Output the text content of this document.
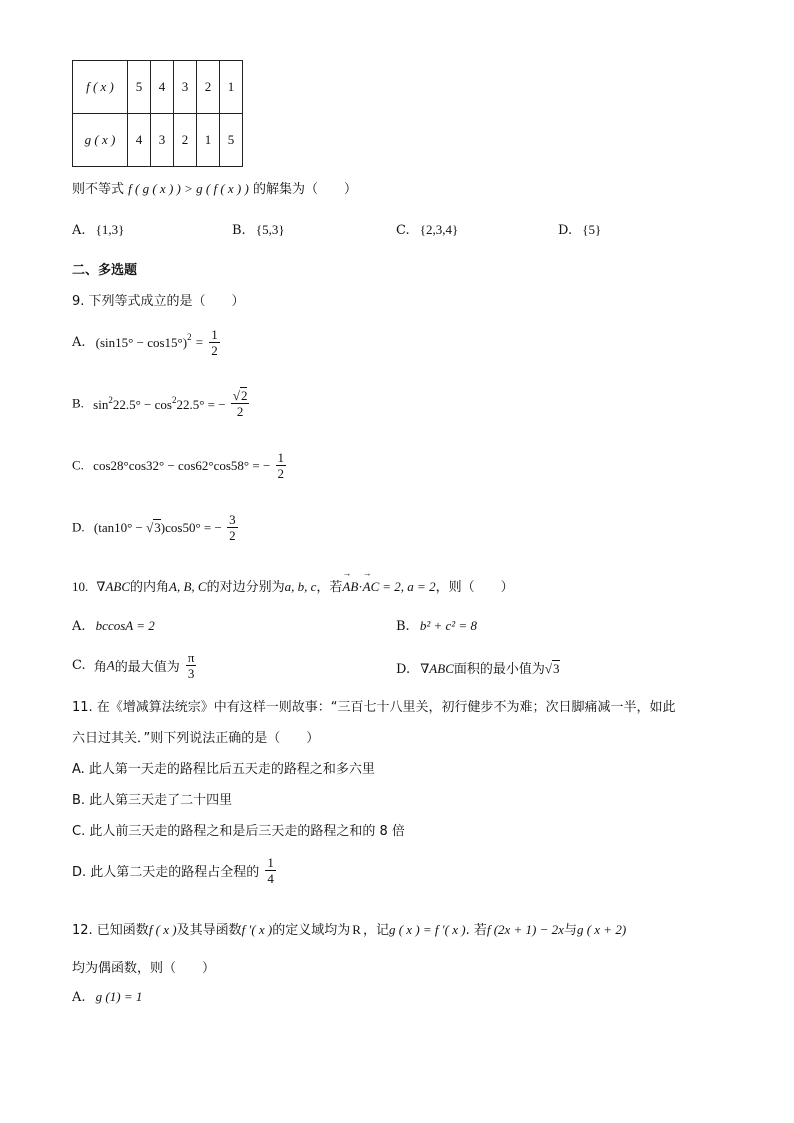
f ( x )	5	4	3	2	1
g ( x )	4	3	2	1	5
则不等式 f ( g ( x ) ) > g ( f ( x ) ) 的解集为（　　）
A. {1,3}	B. {5,3}	C. {2,3,4}	D. {5}
二、多选题
9. 下列等式成立的是（　　）
A. $(\sin 15^\circ - \cos 15^\circ)^2 = \frac{1}{2}$
B. $\sin^222.5^\circ - \cos^222.5^\circ$ = − $\frac{√2}{2}$
C. cos28°cos32° − cos62°cos58° = − $\frac{1}{2}$
D. (tan10° − √3)cos50° = − $\frac{3}{2}$
10. ∇ABC的内角A, B, C的对边分别为a, b, c，若→ AB·→ AC = 2, a = 2，则（　　）
A. bccosA = 2	B. b² + c² = 8
C. 角A的最大值为 $\frac{\pi}{3}$	D. ∇ABC面积的最小值为√3
11. 在《增减算法统宗》中有这样一则故事：“三百七十八里关，初行健步不为难；次日脚痛减一半，如此
六日过其关．”则下列说法正确的是（　　）
A. 此人第一天走的路程比后五天走的路程之和多六里
B. 此人第三天走了二十四里
C. 此人前三天走的路程之和是后三天走的路程之和的 8 倍
D. 此人第二天走的路程占全程的 $\frac{1}{4}$
12. 已知函数f ( x )及其导函数f ′( x )的定义域均为 R ，记g ( x ) = f ′( x ). 若f (2x + 1) − 2x与g ( x + 2)
均为偶函数，则（　　）
A. g (1) = 1
